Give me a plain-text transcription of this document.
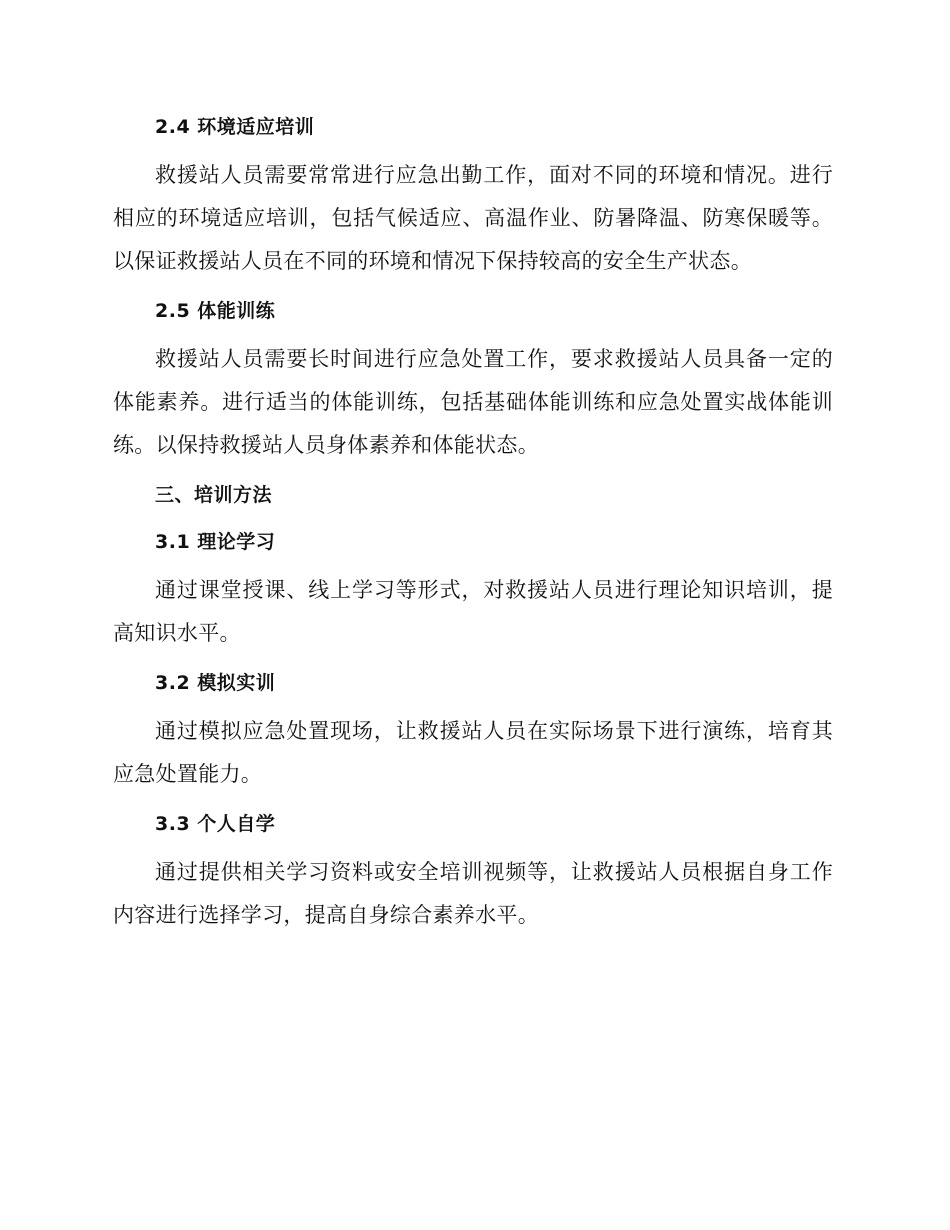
2.4 环境适应培训

救援站人员需要常常进行应急出勤工作，面对不同的环境和情况。进行相应的环境适应培训，包括气候适应、高温作业、防暑降温、防寒保暖等。以保证救援站人员在不同的环境和情况下保持较高的安全生产状态。

2.5 体能训练

救援站人员需要长时间进行应急处置工作，要求救援站人员具备一定的体能素养。进行适当的体能训练，包括基础体能训练和应急处置实战体能训练。以保持救援站人员身体素养和体能状态。

三、培训方法

3.1 理论学习

通过课堂授课、线上学习等形式，对救援站人员进行理论知识培训，提高知识水平。

3.2 模拟实训

通过模拟应急处置现场，让救援站人员在实际场景下进行演练，培育其应急处置能力。

3.3 个人自学

通过提供相关学习资料或安全培训视频等，让救援站人员根据自身工作内容进行选择学习，提高自身综合素养水平。
